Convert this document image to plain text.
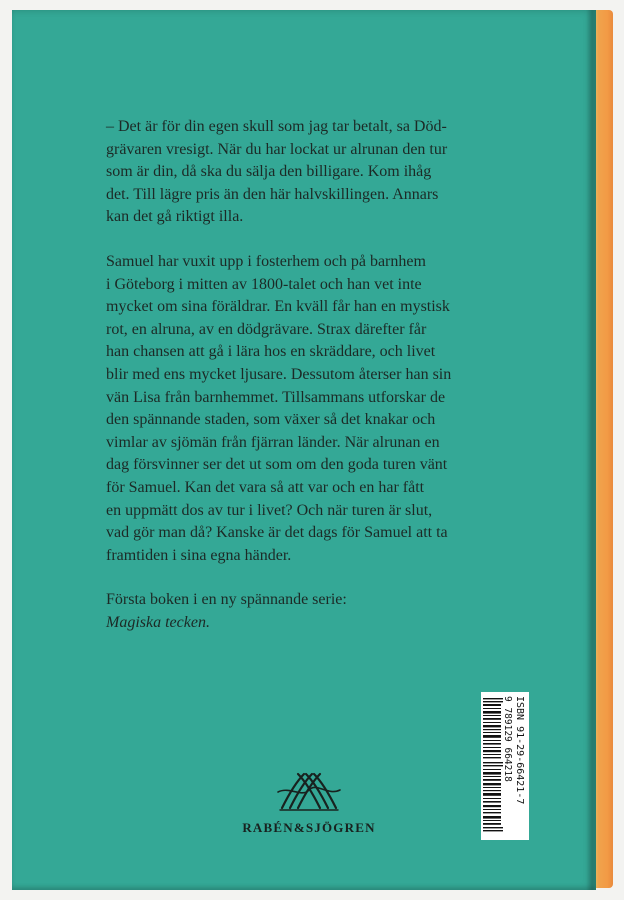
– Det är för din egen skull som jag tar betalt, sa Död-
grävaren vresigt. När du har lockat ur alrunan den tur
som är din, då ska du sälja den billigare. Kom ihåg
det. Till lägre pris än den här halvskillingen. Annars
kan det gå riktigt illa.

Samuel har vuxit upp i fosterhem och på barnhem
i Göteborg i mitten av 1800-talet och han vet inte
mycket om sina föräldrar. En kväll får han en mystisk
rot, en alruna, av en dödgrävare. Strax därefter får
han chansen att gå i lära hos en skräddare, och livet
blir med ens mycket ljusare. Dessutom återser han sin
vän Lisa från barnhemmet. Tillsammans utforskar de
den spännande staden, som växer så det knakar och
vimlar av sjömän från fjärran länder. När alrunan en
dag försvinner ser det ut som om den goda turen vänt
för Samuel. Kan det vara så att var och en har fått
en uppmätt dos av tur i livet? Och när turen är slut,
vad gör man då? Kanske är det dags för Samuel att ta
framtiden i sina egna händer.

Första boken i en ny spännande serie:
Magiska tecken.

9 789129 664218 ISBN 91-29-66421-7
RABÉN&SJÖGREN
